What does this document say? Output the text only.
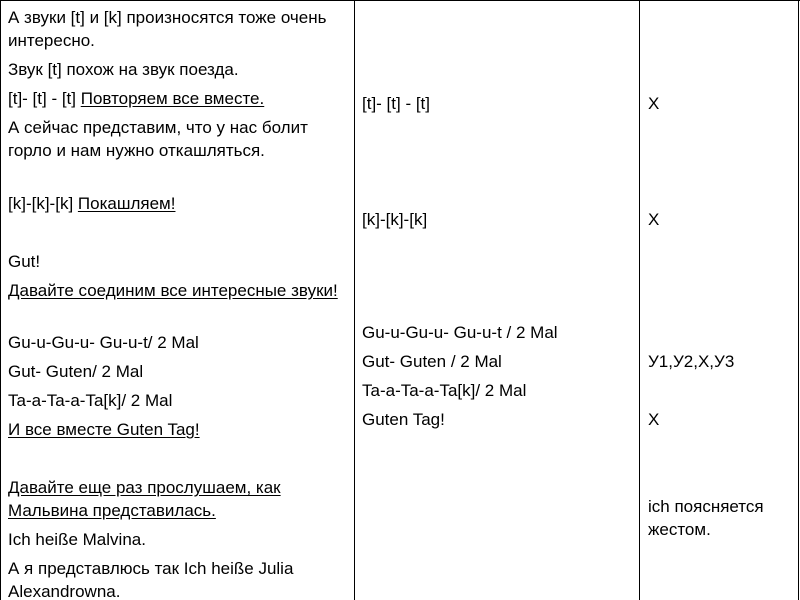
А звуки [t] и [k] произносятся тоже очень интересно.

Звук [t] похож на звук поезда.

[t]- [t] - [t] Повторяем все вместе.

А сейчас представим, что у нас болит горло и нам нужно откашляться.

[k]-[k]-[k] Покашляем!

Gut!

Давайте соединим все интересные звуки!

Gu-u-Gu-u- Gu-u-t/ 2 Mal

Gut- Guten/ 2 Mal

Ta-a-Ta-a-Ta[k]/ 2 Mal

И все вместе Guten Tag!

Давайте еще раз прослушаем, как Мальвина представилась.

Ich heiße Malvina.

А я представлюсь так Ich heiße Julia Alexandrowna.

[t]- [t] - [t]

[k]-[k]-[k]

Gu-u-Gu-u- Gu-u-t / 2 Mal

Gut- Guten / 2 Mal

Ta-a-Ta-a-Ta[k]/ 2 Mal

Guten Tag!

Х

Х

У1,У2,Х,У3

Х

ich поясняется жестом.
